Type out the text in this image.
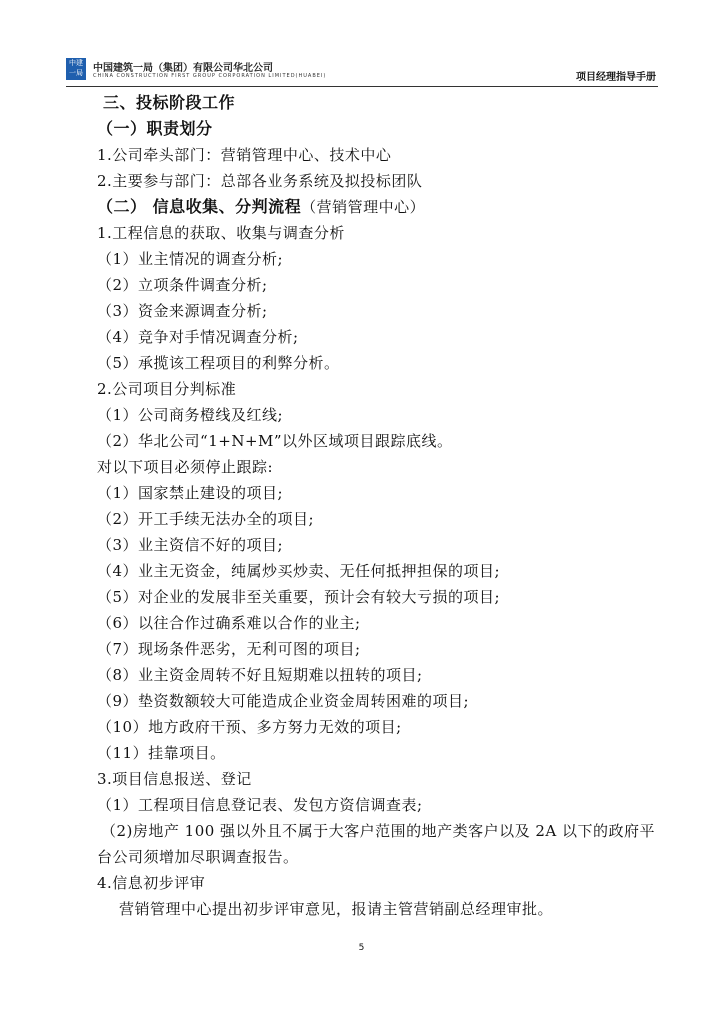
中建
一局	中国建筑一局（集团）有限公司华北公司
CHINA CONSTRUCTION FIRST GROUP CORPORATION LIMITED(HUABEI)	项目经理指导手册
三、投标阶段工作
（一）职责划分
1.公司牵头部门：营销管理中心、技术中心
2.主要参与部门：总部各业务系统及拟投标团队
（二） 信息收集、分判流程（营销管理中心）
1.工程信息的获取、收集与调查分析
（1）业主情况的调查分析;
（2）立项条件调查分析;
（3）资金来源调查分析;
（4）竞争对手情况调查分析;
（5）承揽该工程项目的利弊分析。
2.公司项目分判标准
（1）公司商务橙线及红线;
（2）华北公司“1+N+M”以外区域项目跟踪底线。
对以下项目必须停止跟踪:
（1）国家禁止建设的项目;
（2）开工手续无法办全的项目;
（3）业主资信不好的项目;
（4）业主无资金，纯属炒买炒卖、无任何抵押担保的项目;
（5）对企业的发展非至关重要，预计会有较大亏损的项目;
（6）以往合作过确系难以合作的业主;
（7）现场条件恶劣，无利可图的项目;
（8）业主资金周转不好且短期难以扭转的项目;
（9）垫资数额较大可能造成企业资金周转困难的项目;
（10）地方政府干预、多方努力无效的项目;
（11）挂靠项目。
3.项目信息报送、登记
（1）工程项目信息登记表、发包方资信调查表;
（2)房地产 100 强以外且不属于大客户范围的地产类客户以及 2A 以下的政府平台公司须增加尽职调查报告。
4.信息初步评审
营销管理中心提出初步评审意见，报请主管营销副总经理审批。
5
